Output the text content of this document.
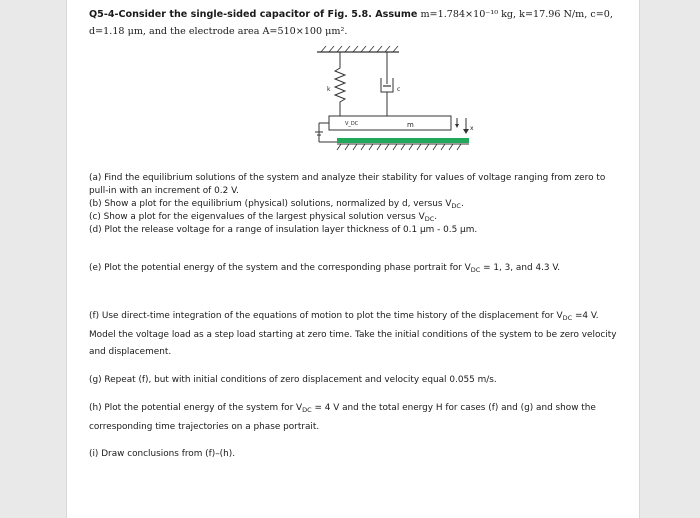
Q5-4-Consider the single-sided capacitor of Fig. 5.8. Assume m=1.784×10⁻¹⁰ kg, k=17.96 N/m, c=0,
d=1.18 μm, and the electrode area A=510×100 μm².
k	c
m
V_DC
x
(a) Find the equilibrium solutions of the system and analyze their stability for values of voltage ranging from zero to pull-in with an increment of 0.2 V.
(b) Show a plot for the equilibrium (physical) solutions, normalized by d, versus $V_{DC}$.
(c) Show a plot for the eigenvalues of the largest physical solution versus $V_{DC}$.
(d) Plot the release voltage for a range of insulation layer thickness of 0.1 μm - 0.5 μm.
(e) Plot the potential energy of the system and the corresponding phase portrait for $V_{DC} = 1$, 3, and 4.3 V.
(f) Use direct-time integration of the equations of motion to plot the time history of the displacement for $V_{DC} =4$ V. Model the voltage load as a step load starting at zero time. Take the initial conditions of the system to be zero velocity and displacement.
(g) Repeat (f), but with initial conditions of zero displacement and velocity equal 0.055 m/s.
(h) Plot the potential energy of the system for $V_{DC} = 4$ V and the total energy H for cases (f) and (g) and show the corresponding time trajectories on a phase portrait.
(i) Draw conclusions from (f)–(h).
